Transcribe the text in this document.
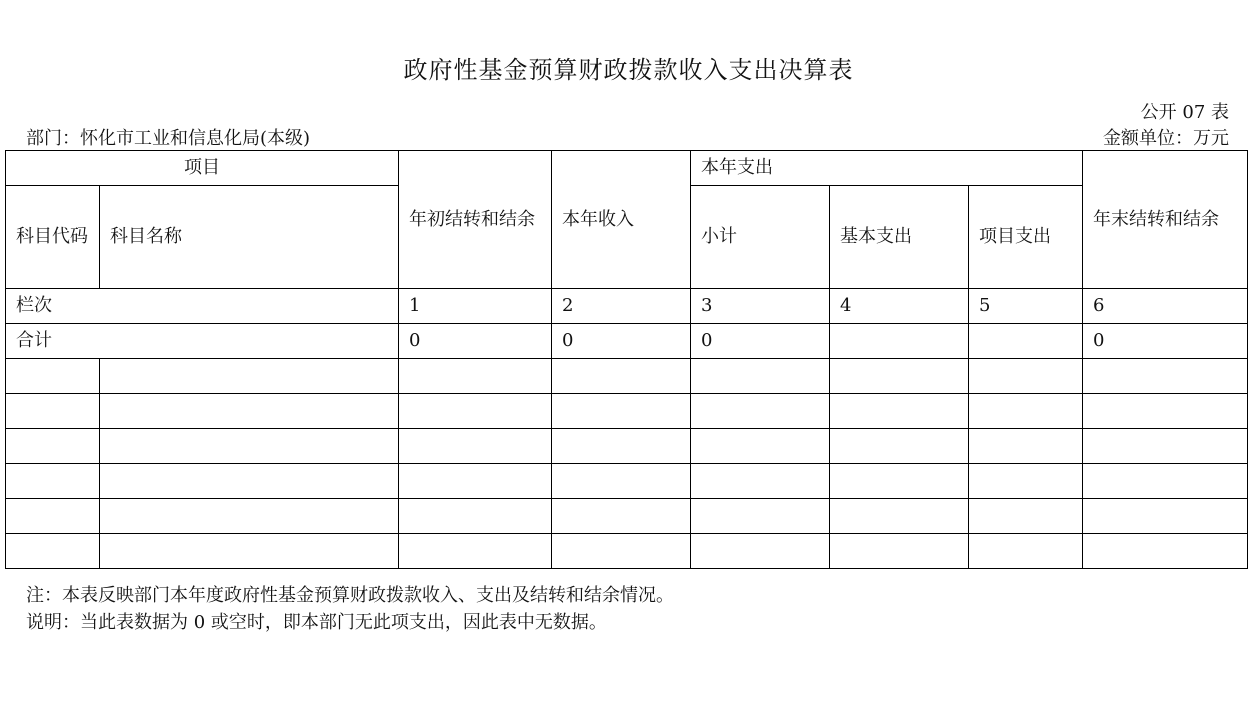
政府性基金预算财政拨款收入支出决算表
公开 07 表
部门：怀化市工业和信息化局(本级)	金额单位：万元
项目		年初结转和结余	本年收入	本年支出			年末结转和结余
科目代码	科目名称			小计	基本支出	项目支出	
栏次		1	2	3	4	5	6
合计		0	0	0			0

注：本表反映部门本年度政府性基金预算财政拨款收入、支出及结转和结余情况。
说明：当此表数据为 0 或空时，即本部门无此项支出，因此表中无数据。
